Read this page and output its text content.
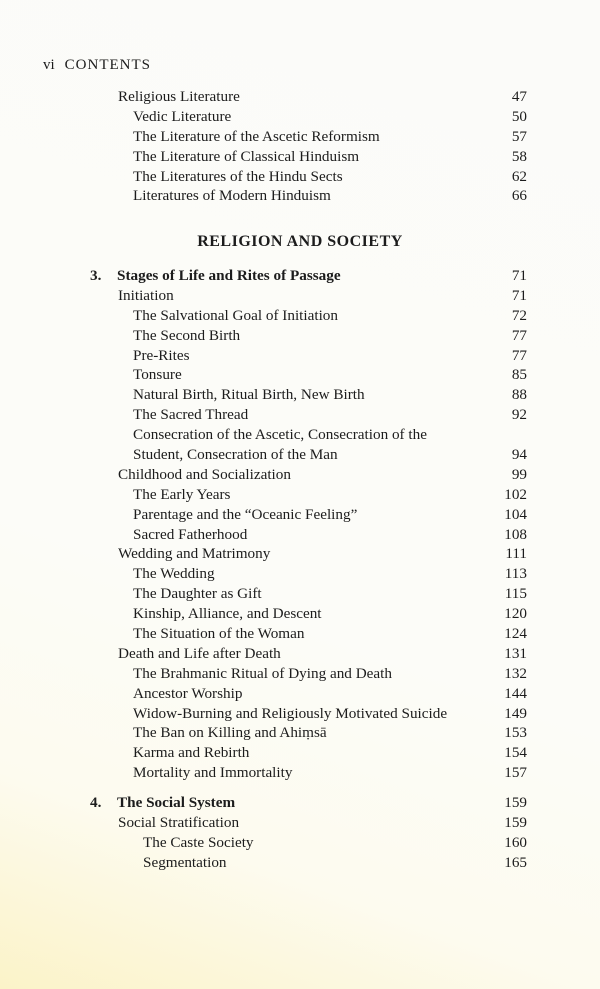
vi CONTENTS
Religious Literature	47
Vedic Literature	50
The Literature of the Ascetic Reformism	57
The Literature of Classical Hinduism	58
The Literatures of the Hindu Sects	62
Literatures of Modern Hinduism	66
RELIGION AND SOCIETY
3. Stages of Life and Rites of Passage	71
Initiation	71
The Salvational Goal of Initiation	72
The Second Birth	77
Pre-Rites	77
Tonsure	85
Natural Birth, Ritual Birth, New Birth	88
The Sacred Thread	92
Consecration of the Ascetic, Consecration of the Student, Consecration of the Man	94
Childhood and Socialization	99
The Early Years	102
Parentage and the “Oceanic Feeling”	104
Sacred Fatherhood	108
Wedding and Matrimony	111
The Wedding	113
The Daughter as Gift	115
Kinship, Alliance, and Descent	120
The Situation of the Woman	124
Death and Life after Death	131
The Brahmanic Ritual of Dying and Death	132
Ancestor Worship	144
Widow-Burning and Religiously Motivated Suicide	149
The Ban on Killing and Ahiṃsā	153
Karma and Rebirth	154
Mortality and Immortality	157
4. The Social System	159
Social Stratification	159
The Caste Society	160
Segmentation	165
